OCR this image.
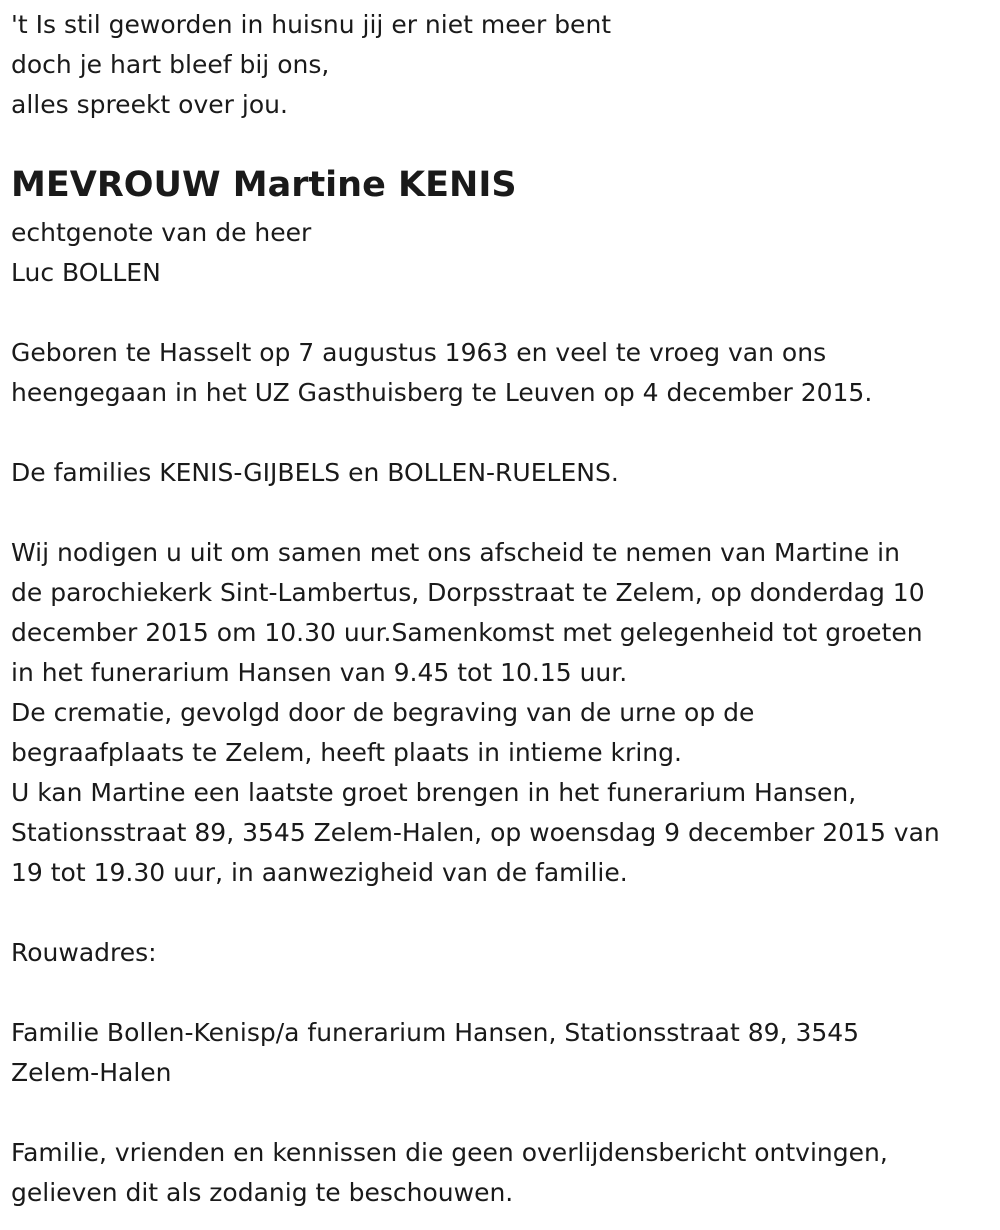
't Is stil geworden in huisnu jij er niet meer bent
doch je hart bleef bij ons,
alles spreekt over jou.
MEVROUW Martine KENIS
echtgenote van de heer
Luc BOLLEN
Geboren te Hasselt op 7 augustus 1963 en veel te vroeg van ons
heengegaan in het UZ Gasthuisberg te Leuven op 4 december 2015.
De families KENIS-GIJBELS en BOLLEN-RUELENS.
Wij nodigen u uit om samen met ons afscheid te nemen van Martine in
de parochiekerk Sint-Lambertus, Dorpsstraat te Zelem, op donderdag 10
december 2015 om 10.30 uur.Samenkomst met gelegenheid tot groeten
in het funerarium Hansen van 9.45 tot 10.15 uur.
De crematie, gevolgd door de begraving van de urne op de
begraafplaats te Zelem, heeft plaats in intieme kring.
U kan Martine een laatste groet brengen in het funerarium Hansen,
Stationsstraat 89, 3545 Zelem-Halen, op woensdag 9 december 2015 van
19 tot 19.30 uur, in aanwezigheid van de familie.
Rouwadres:
Familie Bollen-Kenisp/a funerarium Hansen, Stationsstraat 89, 3545
Zelem-Halen
Familie, vrienden en kennissen die geen overlijdensbericht ontvingen,
gelieven dit als zodanig te beschouwen.
